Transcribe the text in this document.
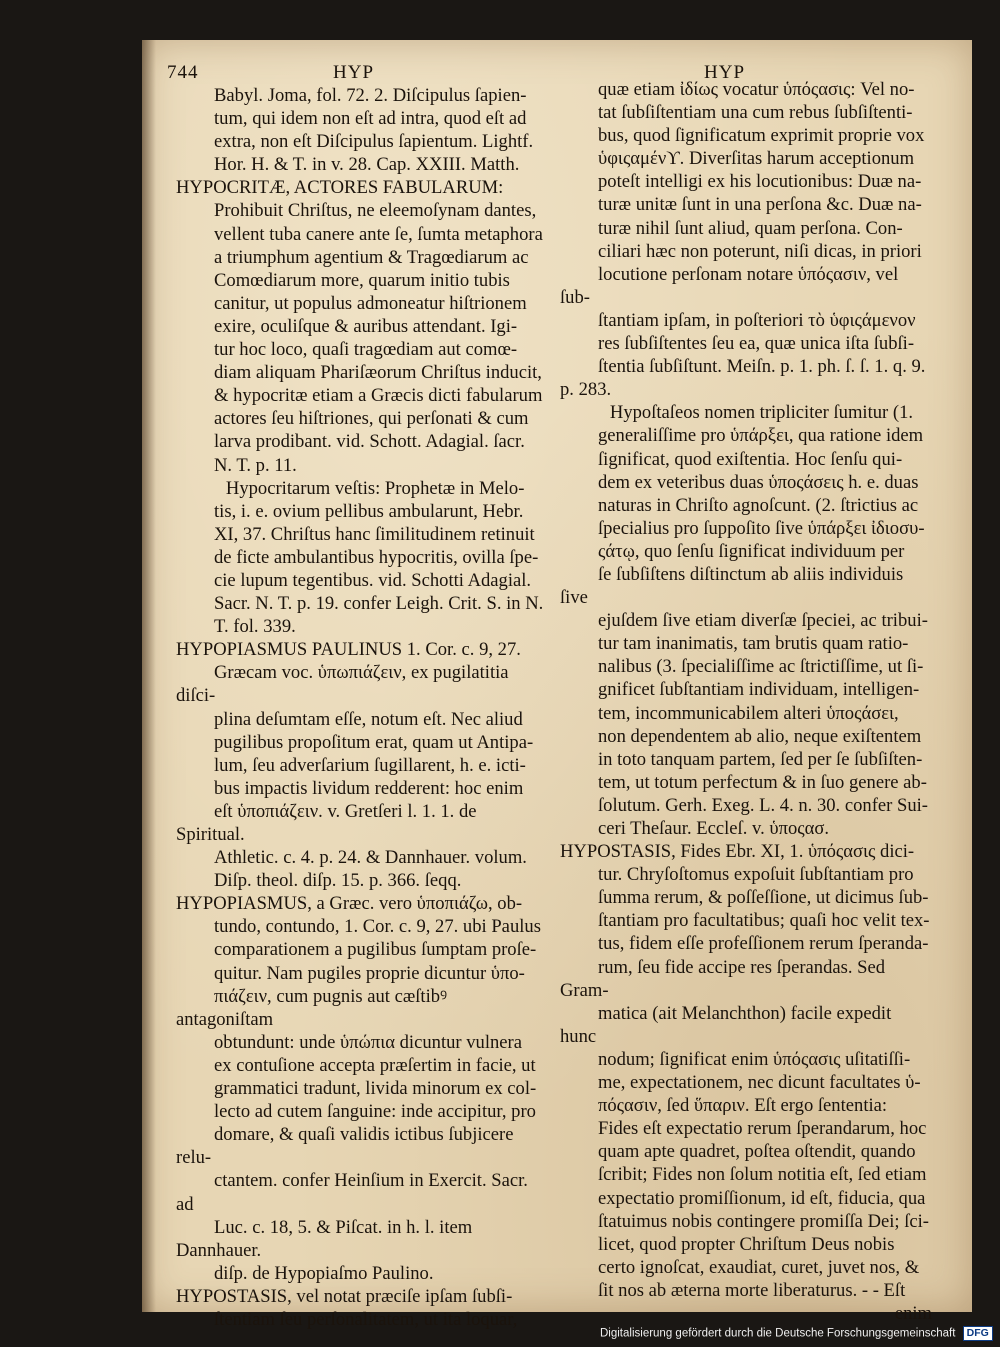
744	HYP	HYP

Babyl. Joma, fol. 72. 2. Diſcipulus ſapien-

tum, qui idem non eſt ad intra, quod eſt ad

extra, non eſt Diſcipulus ſapientum. Lightf.

Hor. H. & T. in v. 28. Cap. XXIII. Matth.

HYPOCRITÆ, ACTORES FABULARUM:

Prohibuit Chriſtus, ne eleemoſynam dantes,

vellent tuba canere ante ſe, ſumta metaphora

a triumphum agentium & Tragœdiarum ac

Comœdiarum more, quarum initio tubis

canitur, ut populus admoneatur hiſtrionem

exire, oculiſque & auribus attendant. Igi-

tur hoc loco, quaſi tragœdiam aut comœ-

diam aliquam Phariſæorum Chriſtus inducit,

& hypocritæ etiam a Græcis dicti fabularum

actores ſeu hiſtriones, qui perſonati & cum

larva prodibant. vid. Schott. Adagial. ſacr.

N. T. p. 11.

Hypocritarum veſtis: Prophetæ in Melo-

tis, i. e. ovium pellibus ambularunt, Hebr.

XI, 37. Chriſtus hanc ſimilitudinem retinuit

de ficte ambulantibus hypocritis, ovilla ſpe-

cie lupum tegentibus. vid. Schotti Adagial.

Sacr. N. T. p. 19. confer Leigh. Crit. S. in N.

T. fol. 339.

HYPOPIASMUS PAULINUS 1. Cor. c. 9, 27.

Græcam voc. ὑπωπιάζειν, ex pugilatitia diſci-

plina deſumtam eſſe, notum eſt. Nec aliud

pugilibus propoſitum erat, quam ut Antipa-

lum, ſeu adverſarium ſugillarent, h. e. icti-

bus impactis lividum redderent: hoc enim

eſt ὑποπιάζειν. v. Gretſeri l. 1. 1. de Spiritual.

Athletic. c. 4. p. 24. & Dannhauer. volum.

Diſp. theol. diſp. 15. p. 366. ſeqq.

HYPOPIASMUS, a Græc. vero ὑποπιάζω, ob-

tundo, contundo, 1. Cor. c. 9, 27. ubi Paulus

comparationem a pugilibus ſumptam proſe-

quitur. Nam pugiles proprie dicuntur ὑπο-

πιάζειν, cum pugnis aut cæſtibꝰ antagoniſtam

obtundunt: unde ὑπώπια dicuntur vulnera

ex contuſione accepta præſertim in facie, ut

grammatici tradunt, livida minorum ex col-

lecto ad cutem ſanguine: inde accipitur, pro

domare, & quaſi validis ictibus ſubjicere relu-

ctantem. confer Heinſium in Exercit. Sacr. ad

Luc. c. 18, 5. & Piſcat. in h. l. item Dannhauer.

diſp. de Hypopiaſmo Paulino.

HYPOSTASIS, vel notat præciſe ipſam ſubſi-

ſtentiam ſeu perſonalitatem, ut ita loquar,

quæ etiam ἰδίως vocatur ὑπόςασις: Vel no-

tat ſubſiſtentiam una cum rebus ſubſiſtenti-

bus, quod ſignificatum exprimit proprie vox

ὑφιςαμένϒ. Diverſitas harum acceptionum

poteſt intelligi ex his locutionibus: Duæ na-

turæ unitæ ſunt in una perſona &c. Duæ na-

turæ nihil ſunt aliud, quam perſona. Con-

ciliari hæc non poterunt, niſi dicas, in priori

locutione perſonam notare ὑπόςασιν, vel ſub-

ſtantiam ipſam, in poſteriori τὸ ὑφιςάμενον

res ſubſiſtentes ſeu ea, quæ unica iſta ſubſi-

ſtentia ſubſiſtunt. Meiſn. p. 1. ph. ſ. ſ. 1. q. 9. p. 283.

Hypoſtaſeos nomen tripliciter ſumitur (1.

generaliſſime pro ὑπάρξει, qua ratione idem

ſignificat, quod exiſtentia. Hoc ſenſu qui-

dem ex veteribus duas ὑποςάσεις h. e. duas

naturas in Chriſto agnoſcunt. (2. ſtrictius ac

ſpecialius pro ſuppoſito ſive ὑπάρξει ἰδιοσυ-

ςάτῳ, quo ſenſu ſignificat individuum per

ſe ſubſiſtens diſtinctum ab aliis individuis ſive

ejuſdem ſive etiam diverſæ ſpeciei, ac tribui-

tur tam inanimatis, tam brutis quam ratio-

nalibus (3. ſpecialiſſime ac ſtrictiſſime, ut ſi-

gnificet ſubſtantiam individuam, intelligen-

tem, incommunicabilem alteri ὑποςάσει,

non dependentem ab alio, neque exiſtentem

in toto tanquam partem, ſed per ſe ſubſiſten-

tem, ut totum perfectum & in ſuo genere ab-

ſolutum. Gerh. Exeg. L. 4. n. 30. confer Sui-

ceri Theſaur. Eccleſ. v. ὑποςασ.

HYPOSTASIS, Fides Ebr. XI, 1. ὑπόςασις dici-

tur. Chryſoſtomus expoſuit ſubſtantiam pro

ſumma rerum, & poſſeſſione, ut dicimus ſub-

ſtantiam pro facultatibus; quaſi hoc velit tex-

tus, fidem eſſe profeſſionem rerum ſperanda-

rum, ſeu fide accipe res ſperandas. Sed Gram-

matica (ait Melanchthon) facile expedit hunc

nodum; ſignificat enim ὑπόςασις uſitatiſſi-

me, expectationem, nec dicunt facultates ὑ-

πόςασιν, ſed ὕπαριν. Eſt ergo ſententia:

Fides eſt expectatio rerum ſperandarum, hoc

quam apte quadret, poſtea oſtendit, quando

ſcribit; Fides non ſolum notitia eſt, ſed etiam

expectatio promiſſionum, id eſt, fiducia, qua

ſtatuimus nobis contingere promiſſa Dei; ſci-

licet, quod propter Chriſtum Deus nobis

certo ignoſcat, exaudiat, curet, juvet nos, &

ſit nos ab æterna morte liberaturus. - - Eſt

enim

Digitalisierung gefördert durch die Deutsche Forschungsgemeinschaft DFG
